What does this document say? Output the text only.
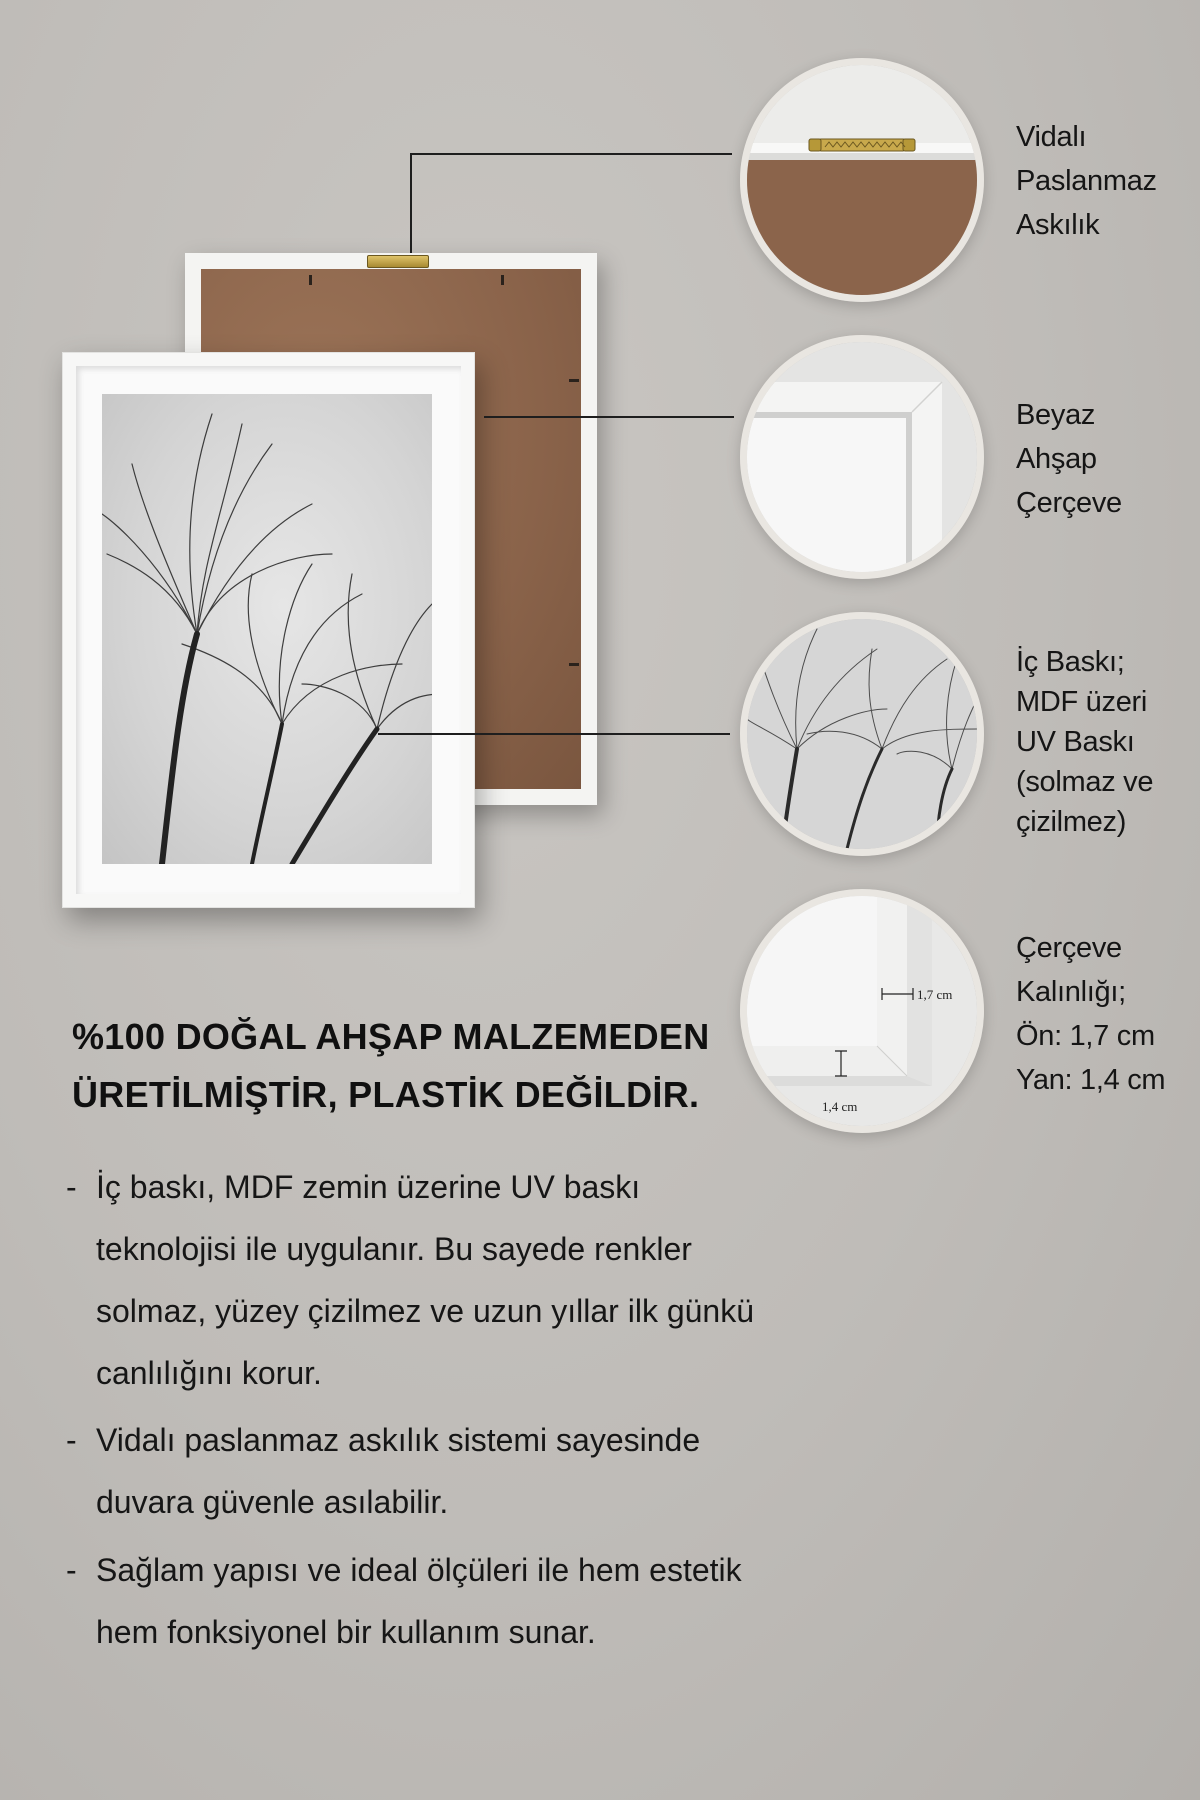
1,7 cm
1,4 cm
Vidalı
Paslanmaz
Askılık
Beyaz
Ahşap
Çerçeve
İç Baskı;
MDF üzeri
UV Baskı
(solmaz ve
çizilmez)
Çerçeve
Kalınlığı;
Ön: 1,7 cm
Yan: 1,4 cm
%100 DOĞAL AHŞAP MALZEMEDEN
ÜRETİLMİŞTİR, PLASTİK DEĞİLDİR.
- İç baskı, MDF zemin üzerine UV baskı teknolojisi ile uygulanır. Bu sayede renkler solmaz, yüzey çizilmez ve uzun yıllar ilk günkü canlılığını korur.
- Vidalı paslanmaz askılık sistemi sayesinde duvara güvenle asılabilir.
- Sağlam yapısı ve ideal ölçüleri ile hem estetik hem fonksiyonel bir kullanım sunar.
